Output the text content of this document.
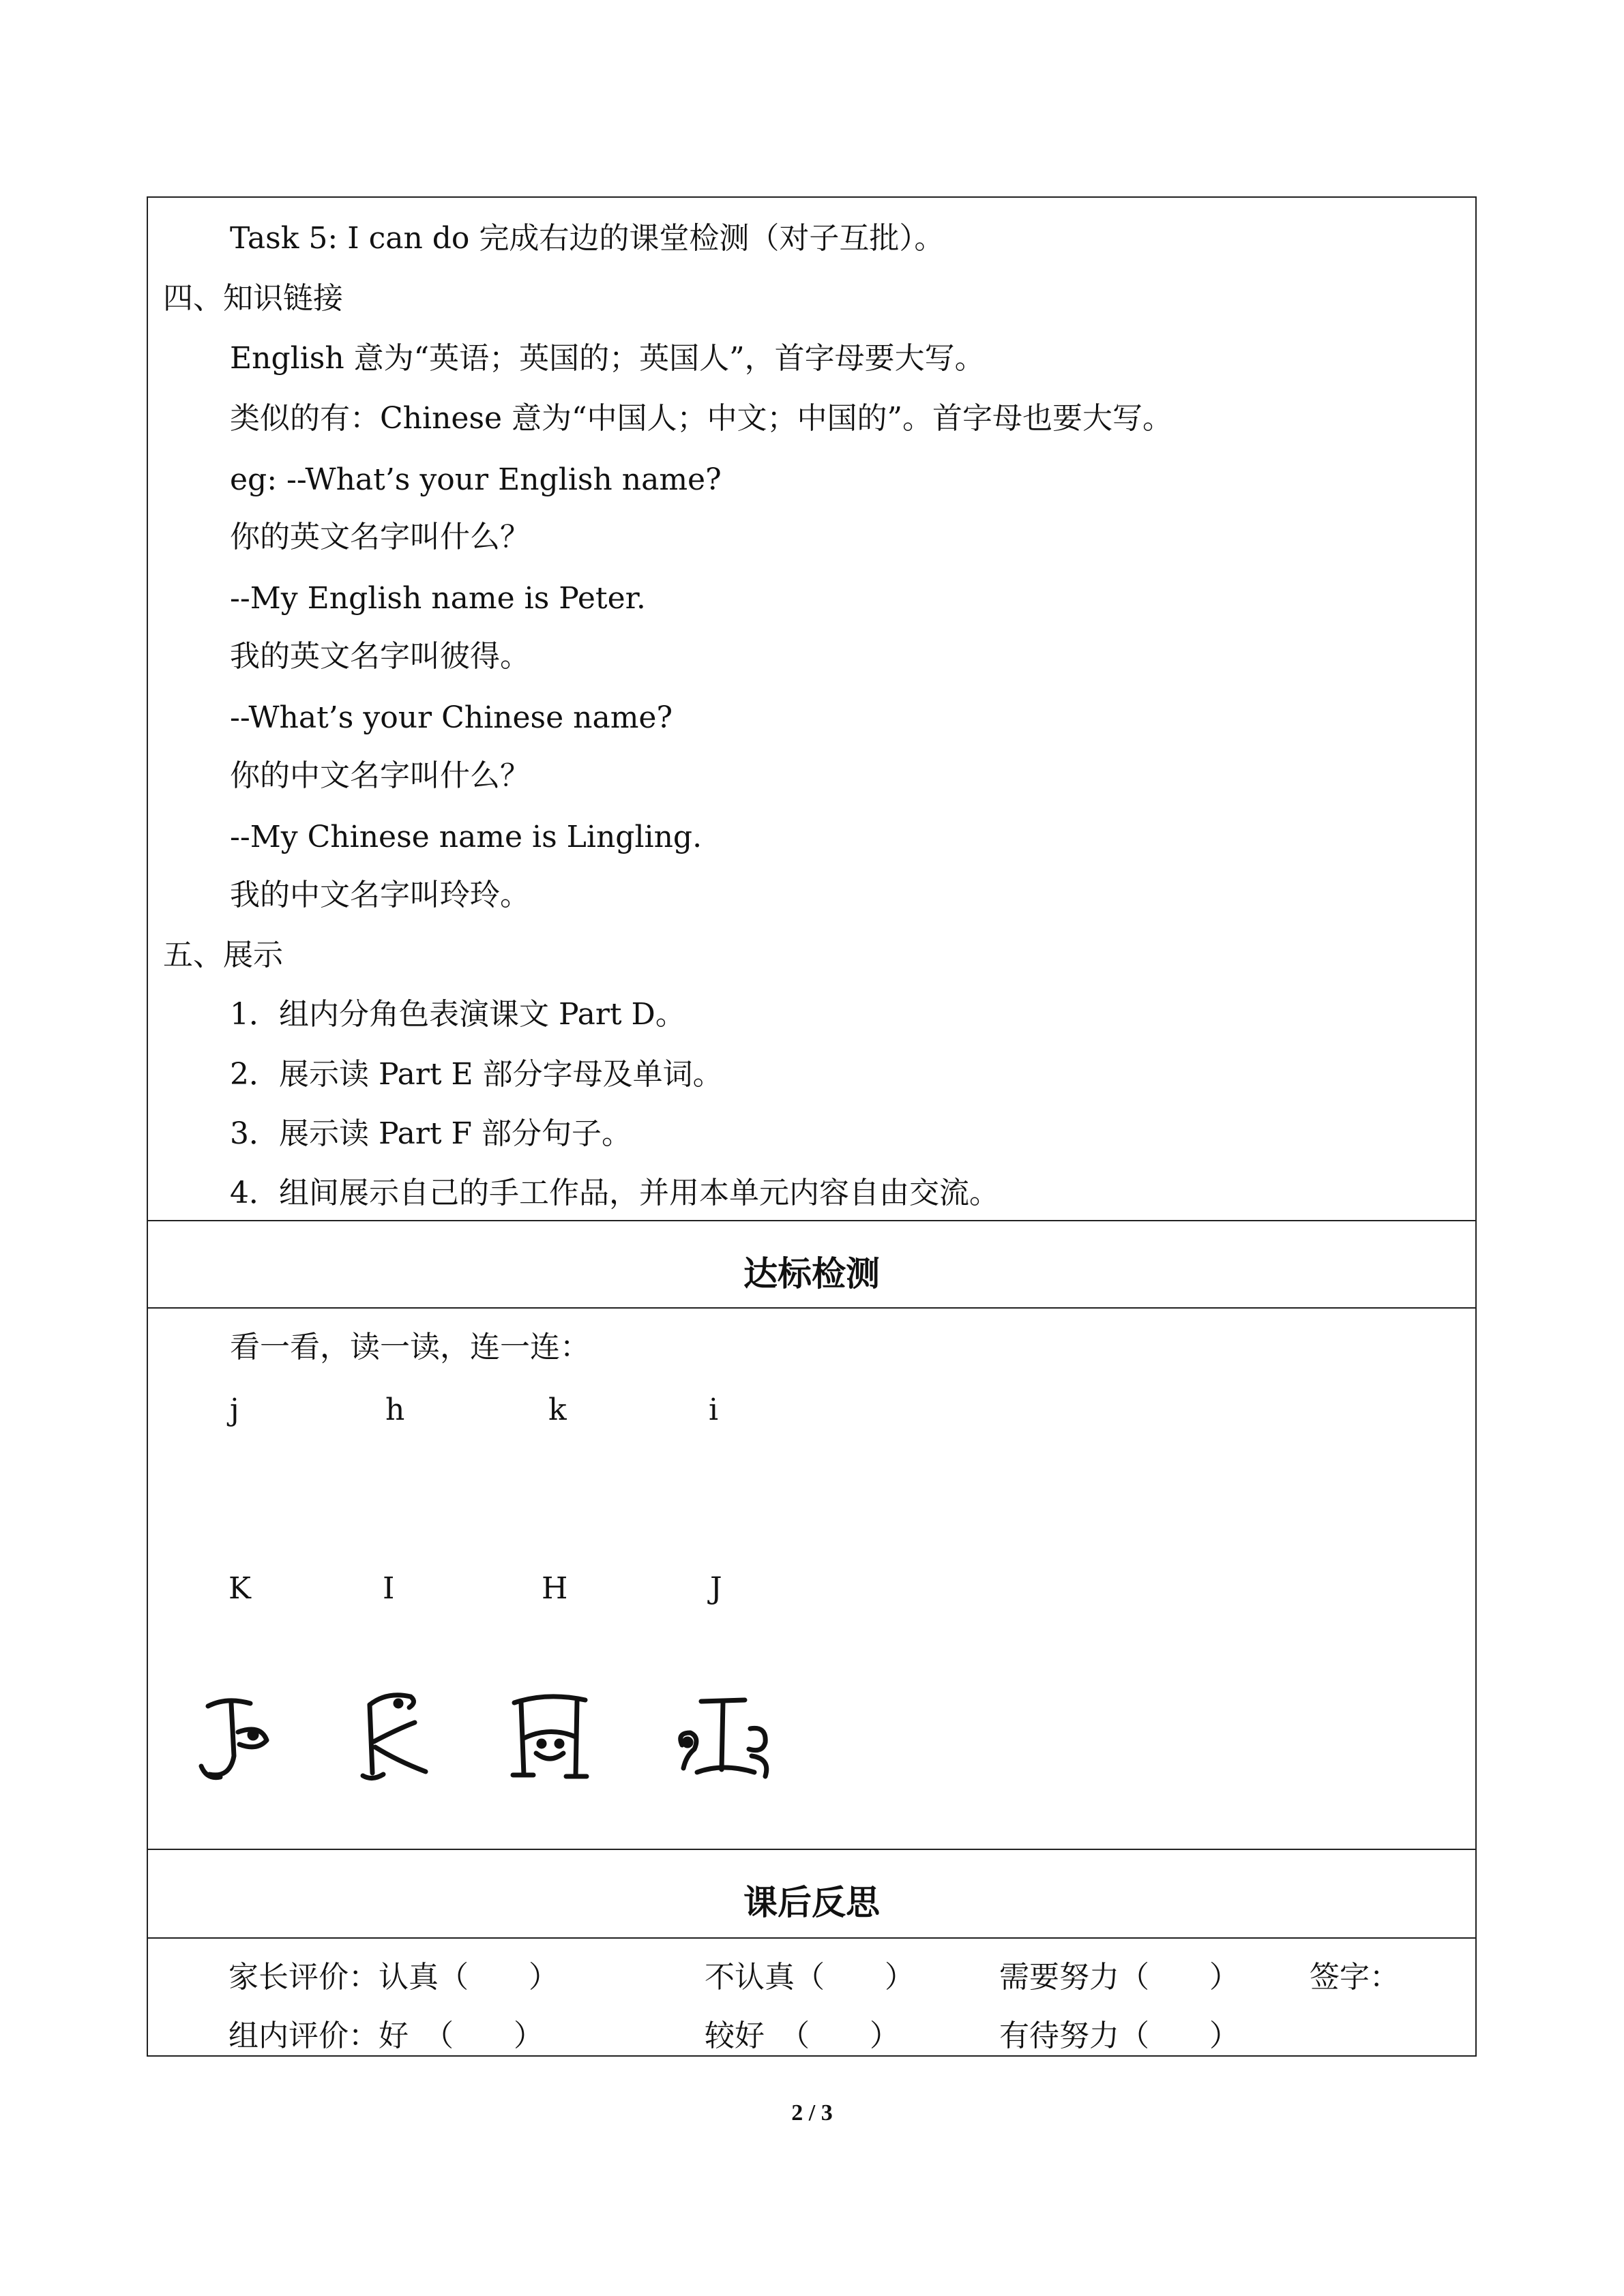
Task 5: I can do 完成右边的课堂检测（对子互批）。
四、知识链接
English 意为“英语；英国的；英国人”，首字母要大写。
类似的有：Chinese 意为“中国人；中文；中国的”。首字母也要大写。
eg: --What’s your English name?
你的英文名字叫什么？
--My English name is Peter.
我的英文名字叫彼得。
--What’s your Chinese name?
你的中文名字叫什么？
--My Chinese name is Lingling.
我的中文名字叫玲玲。
五、展示
1．组内分角色表演课文 Part D。
2．展示读 Part E 部分字母及单词。
3．展示读 Part F 部分句子。
4．组间展示自己的手工作品，并用本单元内容自由交流。
达标检测
看一看，读一读，连一连：
j	h	k	i
K	I	H	J
课后反思
家长评价：认真（　　）	不认真（　　）	需要努力（　　） 签字：
组内评价：好　（　　）	较好　（　　）	有待努力（　　）
2 / 3
